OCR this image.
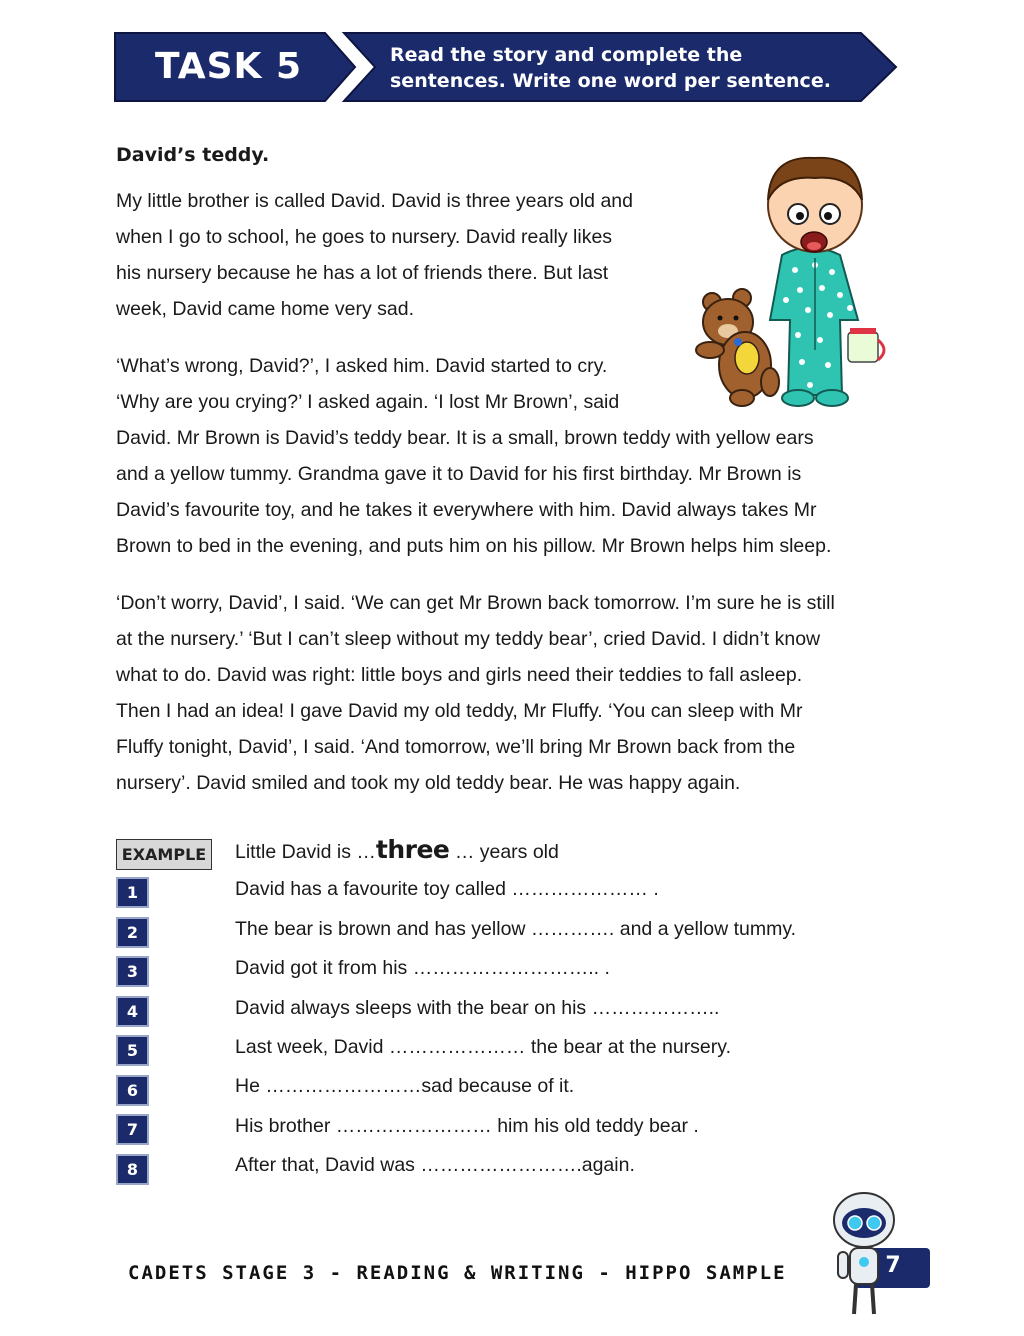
TASK 5	Read the story and complete the
sentences. Write one word per sentence.
David’s teddy.
My little brother is called David. David is three years old and
when I go to school, he goes to nursery. David really likes
his nursery because he has a lot of friends there. But last
week, David came home very sad.
‘What’s wrong, David?’, I asked him. David started to cry.
‘Why are you crying?’ I asked again. ‘I lost Mr Brown’, said
David. Mr Brown is David’s teddy bear. It is a small, brown teddy with yellow ears
and a yellow tummy. Grandma gave it to David for his first birthday. Mr Brown is
David’s favourite toy, and he takes it everywhere with him. David always takes Mr
Brown to bed in the evening, and puts him on his pillow. Mr Brown helps him sleep.
‘Don’t worry, David’, I said. ‘We can get Mr Brown back tomorrow. I’m sure he is still
at the nursery.’ ‘But I can’t sleep without my teddy bear’, cried David. I didn’t know
what to do. David was right: little boys and girls need their teddies to fall asleep.
Then I had an idea! I gave David my old teddy, Mr Fluffy. ‘You can sleep with Mr
Fluffy tonight, David’, I said. ‘And tomorrow, we’ll bring Mr Brown back from the
nursery’. David smiled and took my old teddy bear. He was happy again.
EXAMPLE Little David is …three … years old
1	David has a favourite toy called ………………… .
2	The bear is brown and has yellow …………. and a yellow tummy.
3	David got it from his ……………………….. .
4	David always sleeps with the bear on his ………………..
5	Last week, David ………………… the bear at the nursery.
6	He ……………………sad because of it.
7	His brother …………………… him his old teddy bear .
8	After that, David was …………………….again.
CADETS STAGE 3 - READING & WRITING - HIPPO SAMPLE	7
